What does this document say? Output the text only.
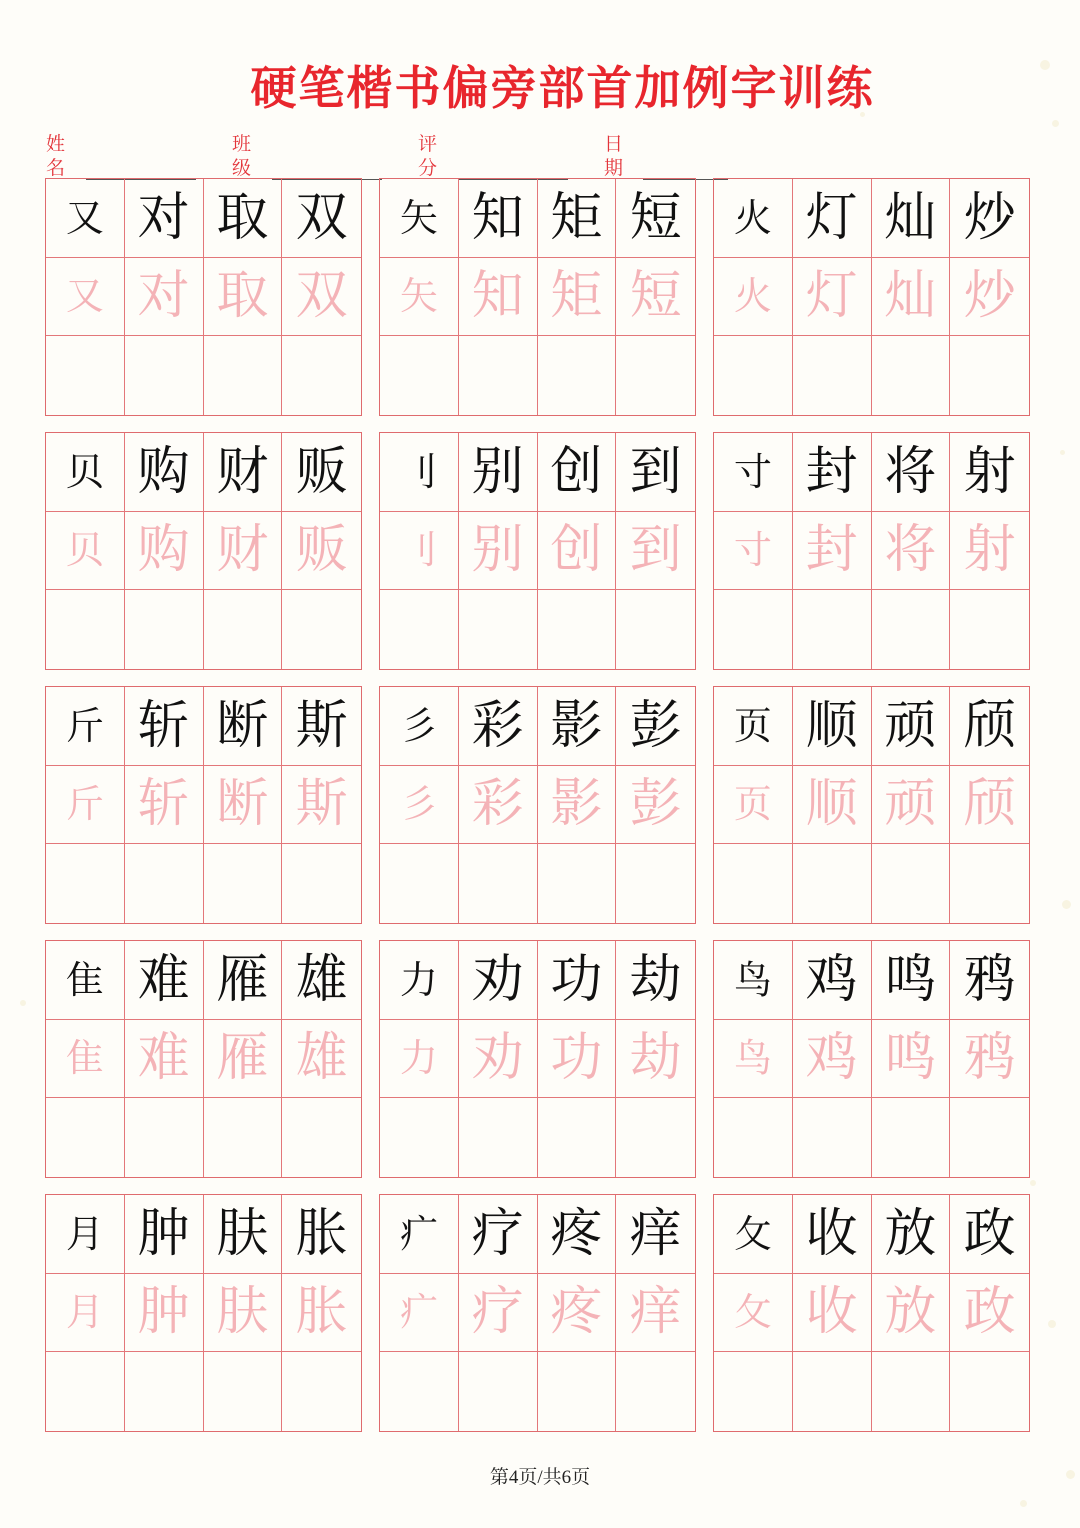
硬笔楷书偏旁部首加例字训练
姓名
班级
评分
日期
又 对 取 双
又 对 取 双
矢 知 矩 短
矢 知 矩 短
火 灯 灿 炒
火 灯 灿 炒
贝 购 财 贩
贝 购 财 贩
刂 别 创 到
刂 别 创 到
寸 封 将 射
寸 封 将 射
斤 斩 断 斯
斤 斩 断 斯
彡 彩 影 彭
彡 彩 影 彭
页 顺 顽 颀
页 顺 顽 颀
隹 难 雁 雄
隹 难 雁 雄
力 劝 功 劫
力 劝 功 劫
鸟 鸡 鸣 鸦
鸟 鸡 鸣 鸦
月 肿 肤 胀
月 肿 肤 胀
疒 疗 疼 痒
疒 疗 疼 痒
攵 收 放 政
攵 收 放 政
第4页/共6页
